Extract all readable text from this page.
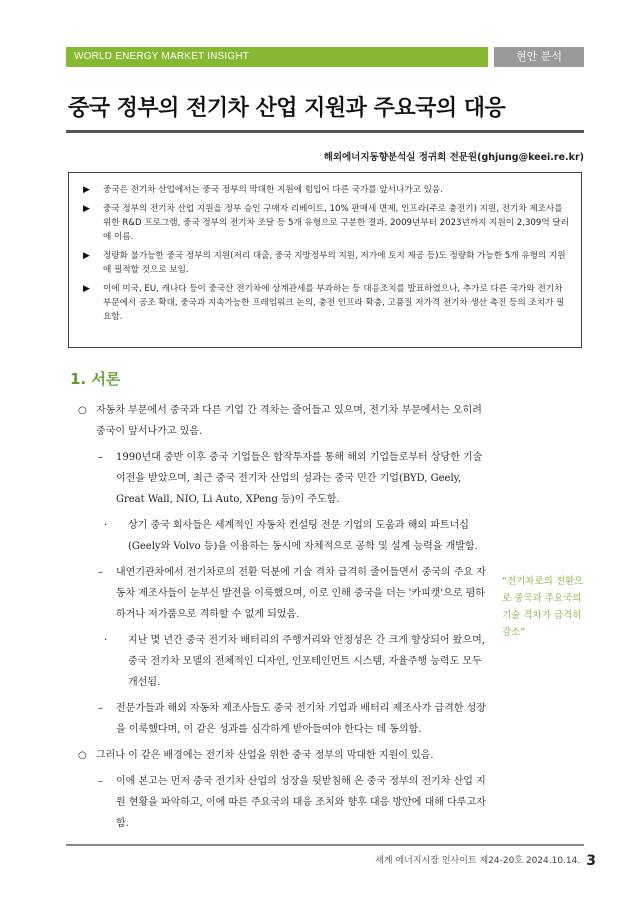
WORLD ENERGY MARKET INSIGHT	현안 분석
중국 정부의 전기차 산업 지원과 주요국의 대응
해외에너지동향분석실 정귀희 전문원(ghjung@keei.re.kr)
▶ 중국은 전기차 산업에서는 중국 정부의 막대한 지원에 힘입어 다른 국가를 앞서나가고 있음.
▶ 중국 정부의 전기차 산업 지원을 정부 승인 구매자 리베이트, 10% 판매세 면제, 인프라(주로 충전기) 지원, 전기차 제조사를 위한 R&D 프로그램, 중국 정부의 전기차 조달 등 5개 유형으로 구분한 결과, 2009년부터 2023년까지 지원이 2,309억 달러에 이름.
▶ 정량화 불가능한 중국 정부의 지원(저리 대출, 중국 지방정부의 지원, 저가에 토지 제공 등)도 정량화 가능한 5개 유형의 지원에 필적할 것으로 보임.
▶ 이에 미국, EU, 캐나다 등이 중국산 전기차에 상계관세를 부과하는 등 대응조치를 발표하였으나, 추가로 다른 국가와 전기차 부문에서 공조 확대, 중국과 지속가능한 프레임워크 논의, 충전 인프라 확충, 고품질 저가격 전기차 생산 촉진 등의 조치가 필요함.
1. 서론
○ 자동차 부문에서 중국과 다른 기업 간 격차는 줄어들고 있으며, 전기차 부문에서는 오히려 중국이 앞서나가고 있음.
– 1990년대 중반 이후 중국 기업들은 합작투자를 통해 해외 기업들로부터 상당한 기술 이전을 받았으며, 최근 중국 전기차 산업의 성과는 중국 민간 기업(BYD, Geely, Great Wall, NIO, Li Auto, XPeng 등)이 주도함.
· 상기 중국 회사들은 세계적인 자동차 컨설팅 전문 기업의 도움과 해외 파트너십(Geely와 Volvo 등)을 이용하는 동시에 자체적으로 공학 및 설계 능력을 개발함.
– 내연기관차에서 전기차로의 전환 덕분에 기술 격차 급격히 줄어들면서 중국의 주요 자동차 제조사들이 눈부신 발전을 이룩했으며, 이로 인해 중국을 더는 '카피캣'으로 폄하하거나 저가품으로 격하할 수 없게 되었음.
· 지난 몇 년간 중국 전기차 배터리의 주행거리와 안정성은 간 크게 향상되어 왔으며, 중국 전기차 모델의 전체적인 디자인, 인포테인먼트 시스템, 자율주행 능력도 모두 개선됨.
– 전문가들과 해외 자동차 제조사들도 중국 전기차 기업과 배터리 제조사가 급격한 성장을 이룩했다며, 이 같은 성과를 심각하게 받아들여야 한다는 데 동의함.
○ 그러나 이 같은 배경에는 전기차 산업을 위한 중국 정부의 막대한 지원이 있음.
– 이에 본고는 먼저 중국 전기차 산업의 성장을 뒷받침해 온 중국 정부의 전기차 산업 지원 현황을 파악하고, 이에 따른 주요국의 대응 조치와 향후 대응 방안에 대해 다루고자 함.
“전기차로의 전환으로 중국과 주요국의 기술 격차가 급격히 감소”
세계 에너지시장 인사이트 제24-20호 2024.10.14. 3
